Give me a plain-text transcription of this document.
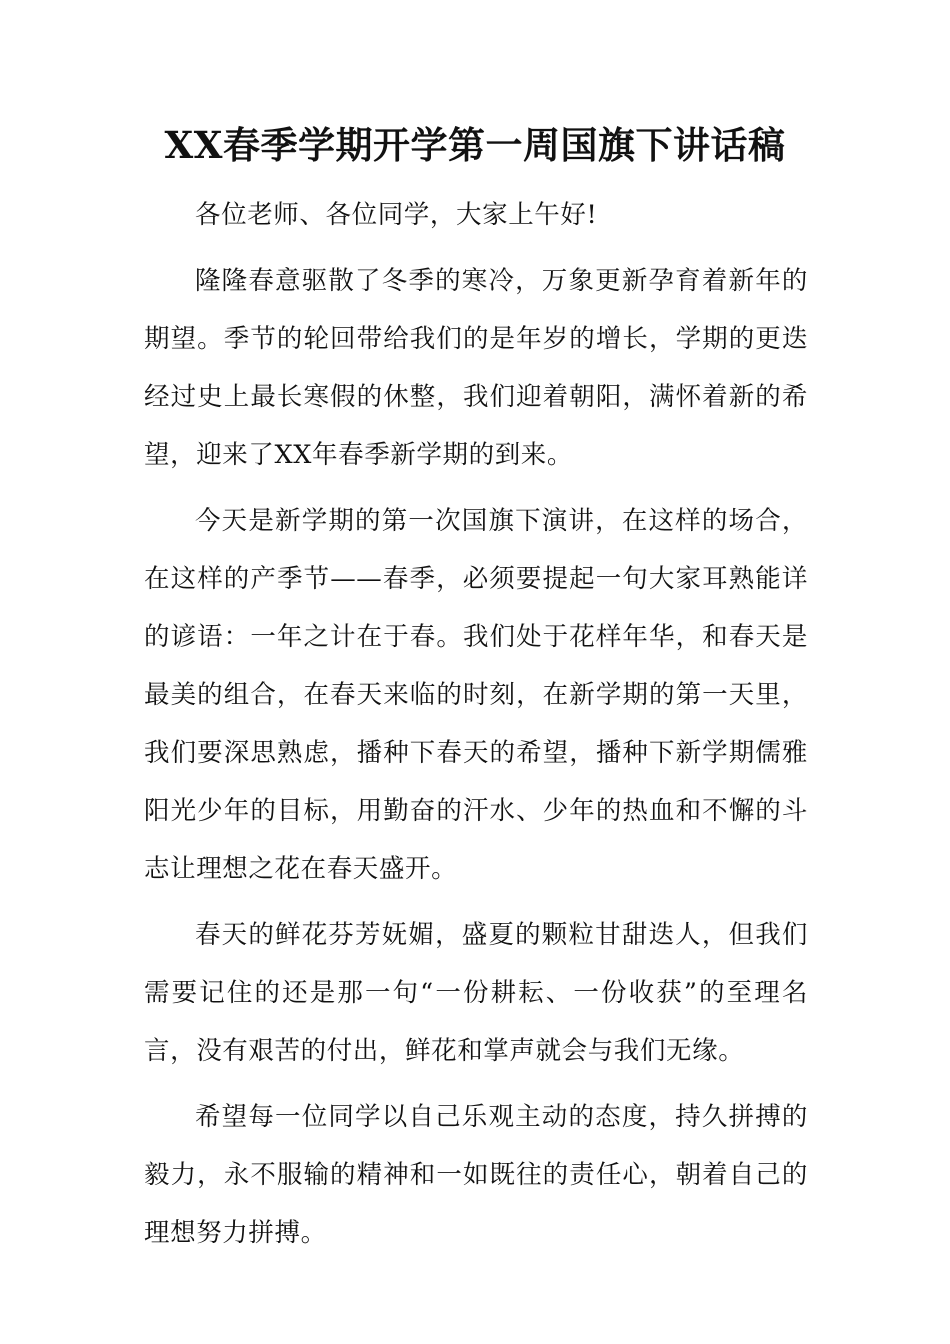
XX春季学期开学第一周国旗下讲话稿

各位老师、各位同学，大家上午好!

隆隆春意驱散了冬季的寒冷，万象更新孕育着新年的期望。季节的轮回带给我们的是年岁的增长，学期的更迭经过史上最长寒假的休整，我们迎着朝阳，满怀着新的希望，迎来了XX年春季新学期的到来。

今天是新学期的第一次国旗下演讲，在这样的场合，在这样的产季节——春季，必须要提起一句大家耳熟能详的谚语：一年之计在于春。我们处于花样年华，和春天是最美的组合，在春天来临的时刻，在新学期的第一天里，我们要深思熟虑，播种下春天的希望，播种下新学期儒雅阳光少年的目标，用勤奋的汗水、少年的热血和不懈的斗志让理想之花在春天盛开。

春天的鲜花芬芳妩媚，盛夏的颗粒甘甜迭人，但我们需要记住的还是那一句“一份耕耘、一份收获”的至理名言，没有艰苦的付出，鲜花和掌声就会与我们无缘。

希望每一位同学以自己乐观主动的态度，持久拼搏的毅力，永不服输的精神和一如既往的责任心，朝着自己的理想努力拼搏。
